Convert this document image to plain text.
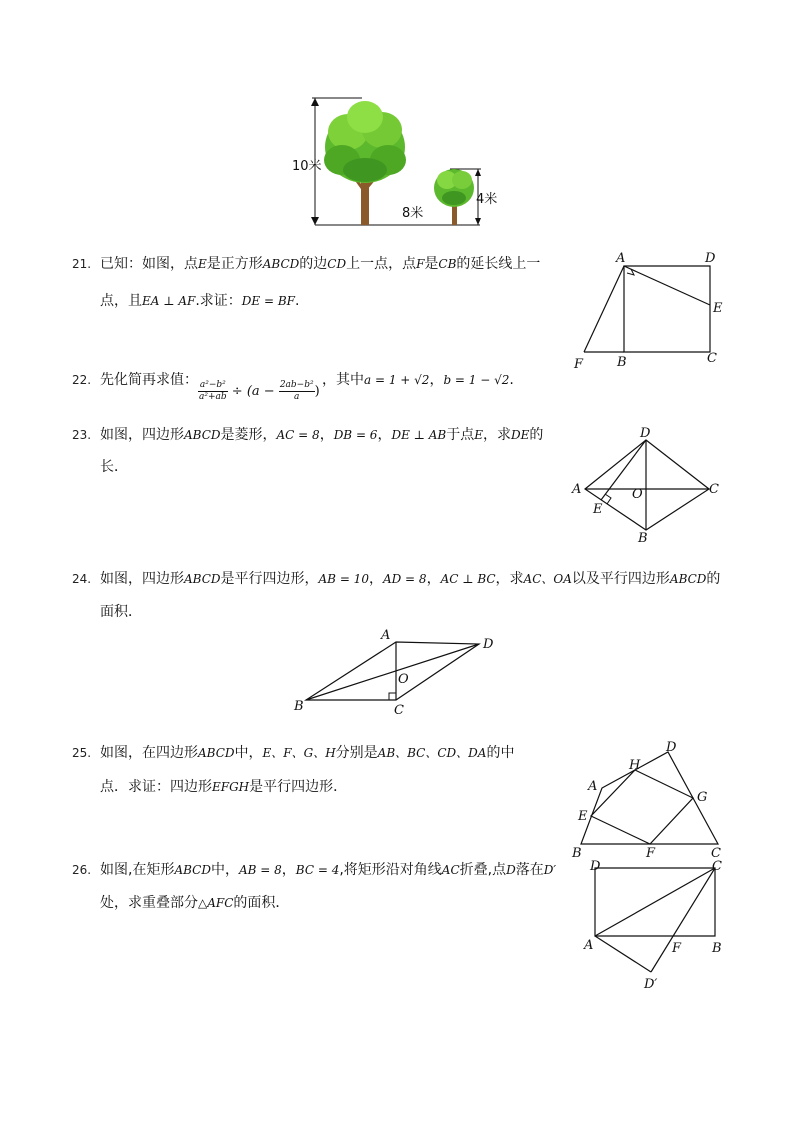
10米
4米
8米
21. 已知：如图，点E是正方形ABCD的边CD上一点，点F是CB的延长线上一
点，且EA ⊥ AF.求证：DE = BF.
A	D
E
F	B	C
22. 先化简再求值： $\frac{\text{a²−b²}}{\text{a²+ab}} \div (a - \frac{\text{2ab−b²}}{a}$ )
，其中a = 1 + √2，b = 1 − √2.
23. 如图，四边形ABCD是菱形，AC = 8，DB = 6，DE ⊥ AB于点E，求DE的
长．
D
A	O	C
E
B
24. 如图，四边形ABCD是平行四边形，AB = 10，AD = 8，AC ⊥ BC，求AC、OA以及平行四边形ABCD的
面积．
A
D
O
B	C
25. 如图，在四边形ABCD中，E、F、G、H分别是AB、BC、CD、DA的中
点．求证：四边形EFGH是平行四边形．
D
H
A
G
E
B	F	C
26. 如图,在矩形ABCD中，AB = 8，BC = 4,将矩形沿对角线AC折叠,点D落在D′
处，求重叠部分△AFC的面积．
D	C
A	F B
D′
